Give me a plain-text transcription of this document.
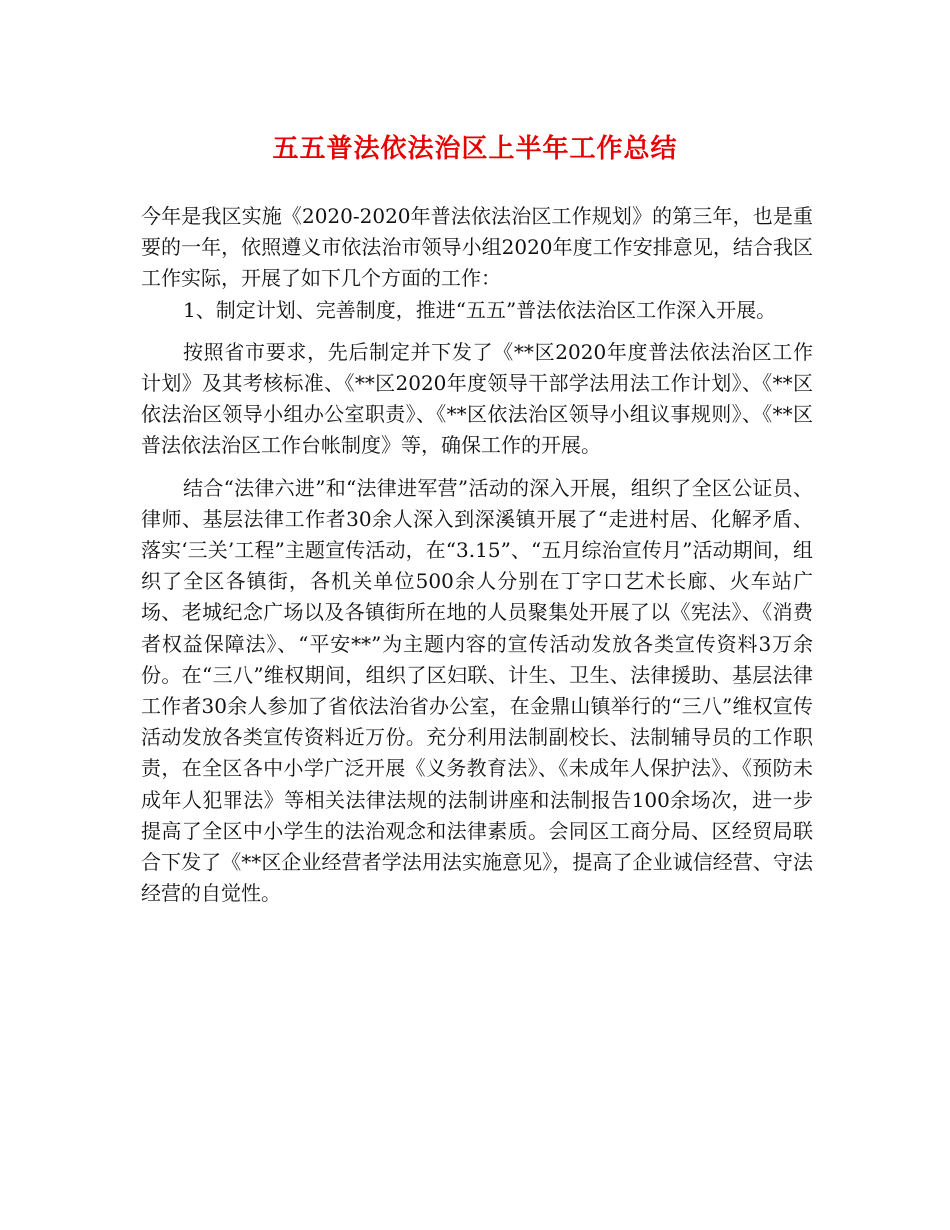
五五普法依法治区上半年工作总结

今年是我区实施《2020-2020年普法依法治区工作规划》的第三年，也是重要的一年，依照遵义市依法治市领导小组2020年度工作安排意见，结合我区工作实际，开展了如下几个方面的工作：

1、制定计划、完善制度，推进“五五”普法依法治区工作深入开展。

按照省市要求，先后制定并下发了《**区2020年度普法依法治区工作计划》及其考核标准、《**区2020年度领导干部学法用法工作计划》、《**区依法治区领导小组办公室职责》、《**区依法治区领导小组议事规则》、《**区普法依法治区工作台帐制度》等，确保工作的开展。

结合“法律六进”和“法律进军营”活动的深入开展，组织了全区公证员、律师、基层法律工作者30余人深入到深溪镇开展了“走进村居、化解矛盾、落实‘三关’工程”主题宣传活动，在“3.15”、“五月综治宣传月”活动期间，组织了全区各镇街，各机关单位500余人分别在丁字口艺术长廊、火车站广场、老城纪念广场以及各镇街所在地的人员聚集处开展了以《宪法》、《消费者权益保障法》、“平安**”为主题内容的宣传活动发放各类宣传资料3万余份。在“三八”维权期间，组织了区妇联、计生、卫生、法律援助、基层法律工作者30余人参加了省依法治省办公室，在金鼎山镇举行的“三八”维权宣传活动发放各类宣传资料近万份。充分利用法制副校长、法制辅导员的工作职责，在全区各中小学广泛开展《义务教育法》、《未成年人保护法》、《预防未成年人犯罪法》等相关法律法规的法制讲座和法制报告100余场次，进一步提高了全区中小学生的法治观念和法律素质。会同区工商分局、区经贸局联合下发了《**区企业经营者学法用法实施意见》，提高了企业诚信经营、守法经营的自觉性。
